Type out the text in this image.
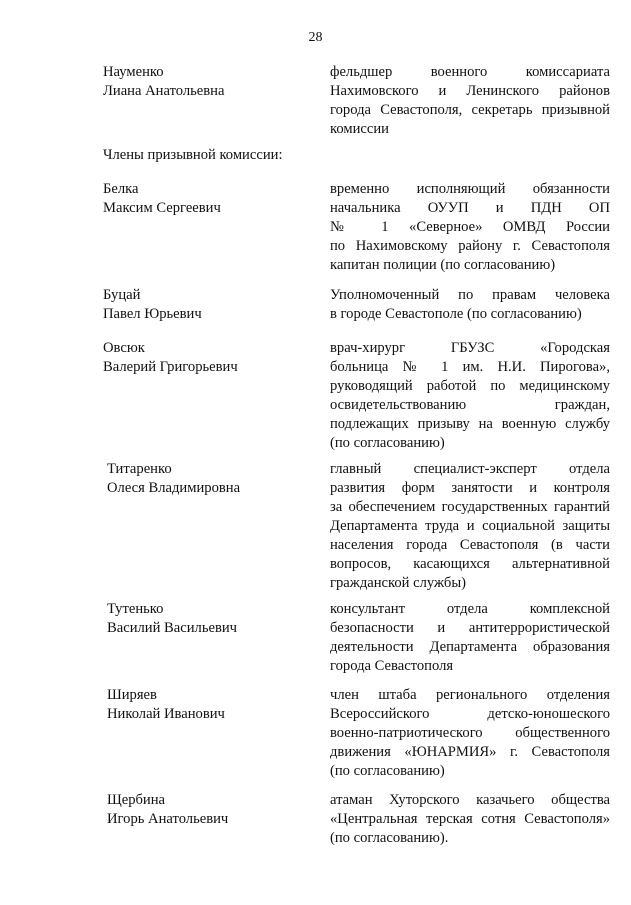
28
Науменко
Лиана Анатольевна
фельдшер военного комиссариата
Нахимовского и Ленинского районов
города Севастополя, секретарь призывной
комиссии
Члены призывной комиссии:
Белка
Максим Сергеевич
временно исполняющий обязанности
начальника ОУУП и ПДН ОП
№ 1 «Северное» ОМВД России
по Нахимовскому району г. Севастополя
капитан полиции (по согласованию)
Буцай
Павел Юрьевич
Уполномоченный по правам человека
в городе Севастополе (по согласованию)
Овсюк
Валерий Григорьевич
врач-хирург ГБУЗС «Городская
больница № 1 им. Н.И. Пирогова»,
руководящий работой по медицинскому
освидетельствованию граждан,
подлежащих призыву на военную службу
(по согласованию)
Титаренко
Олеся Владимировна
главный специалист-эксперт отдела
развития форм занятости и контроля
за обеспечением государственных гарантий
Департамента труда и социальной защиты
населения города Севастополя (в части
вопросов, касающихся альтернативной
гражданской службы)
Тутенько
Василий Васильевич
консультант отдела комплексной
безопасности и антитеррористической
деятельности Департамента образования
города Севастополя
Ширяев
Николай Иванович
член штаба регионального отделения
Всероссийского детско-юношеского
военно-патриотического общественного
движения «ЮНАРМИЯ» г. Севастополя
(по согласованию)
Щербина
Игорь Анатольевич
атаман Хуторского казачьего общества
«Центральная терская сотня Севастополя»
(по согласованию).
